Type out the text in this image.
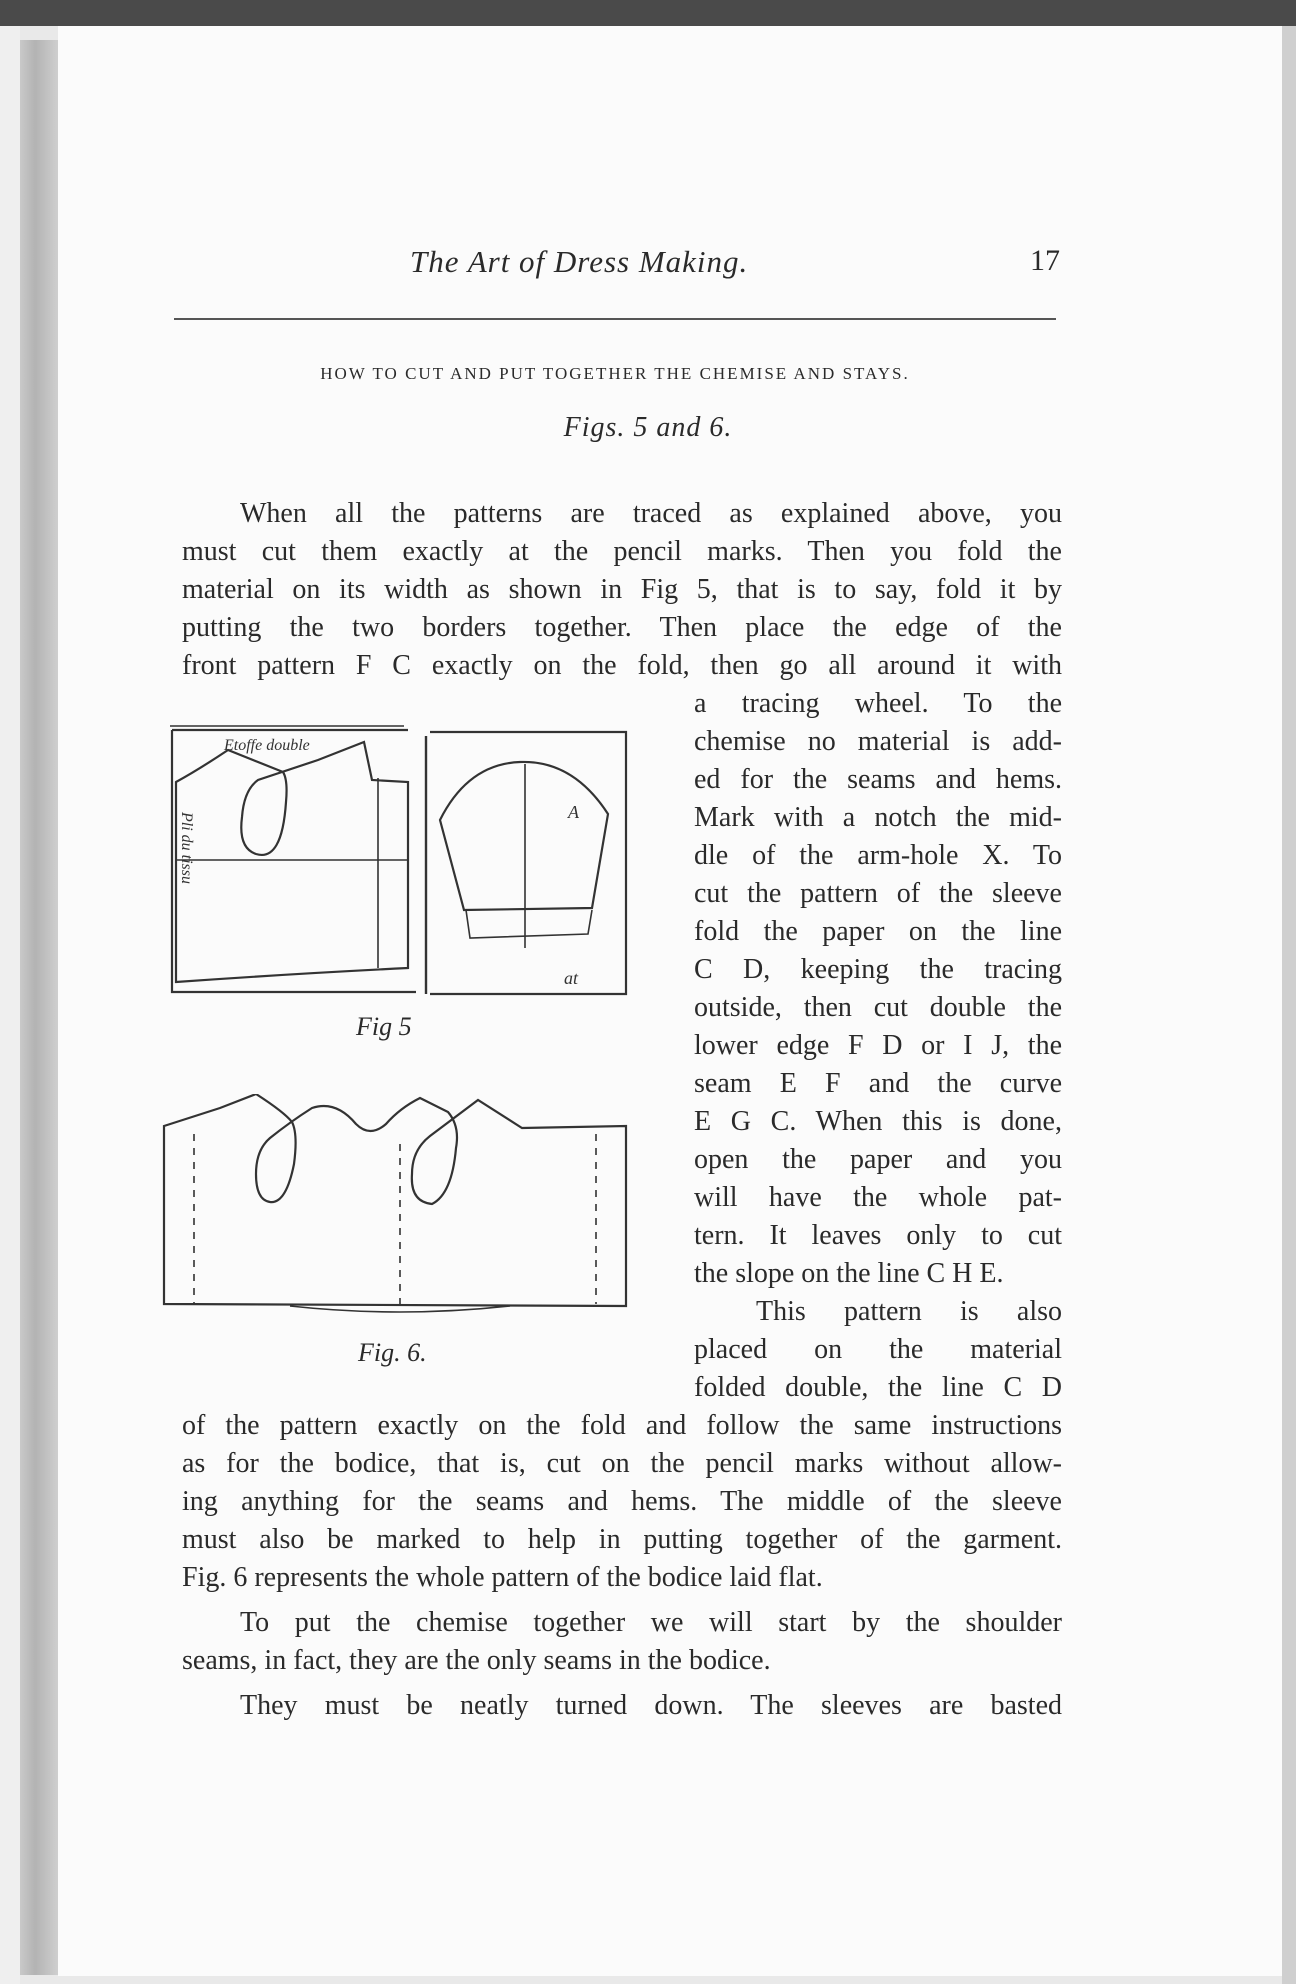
The Art of Dress Making.	17
HOW TO CUT AND PUT TOGETHER THE CHEMISE AND STAYS.
Figs. 5 and 6.
When all the patterns are traced as explained above, you
must cut them exactly at the pencil marks. Then you fold the
material on its width as shown in Fig 5, that is to say, fold it by
putting the two borders together. Then place the edge of the
front pattern F C exactly on the fold, then go all around it with
a tracing wheel. To the
chemise no material is add-
ed for the seams and hems.
Mark with a notch the mid-
dle of the arm-hole X. To
cut the pattern of the sleeve
fold the paper on the line
C D, keeping the tracing
outside, then cut double the
lower edge F D or I J, the
seam E F and the curve
E G C. When this is done,
open the paper and you
will have the whole pat-
tern. It leaves only to cut
the slope on the line C H E.
This pattern is also
placed on the material
folded double, the line C D
of the pattern exactly on the fold and follow the same instructions
as for the bodice, that is, cut on the pencil marks without allow-
ing anything for the seams and hems. The middle of the sleeve
must also be marked to help in putting together of the garment.
Fig. 6 represents the whole pattern of the bodice laid flat.
To put the chemise together we will start by the shoulder
seams, in fact, they are the only seams in the bodice.
They must be neatly turned down. The sleeves are basted
Etoffe double
Pli du tissu	A
at
Fig 5
Fig. 6.
